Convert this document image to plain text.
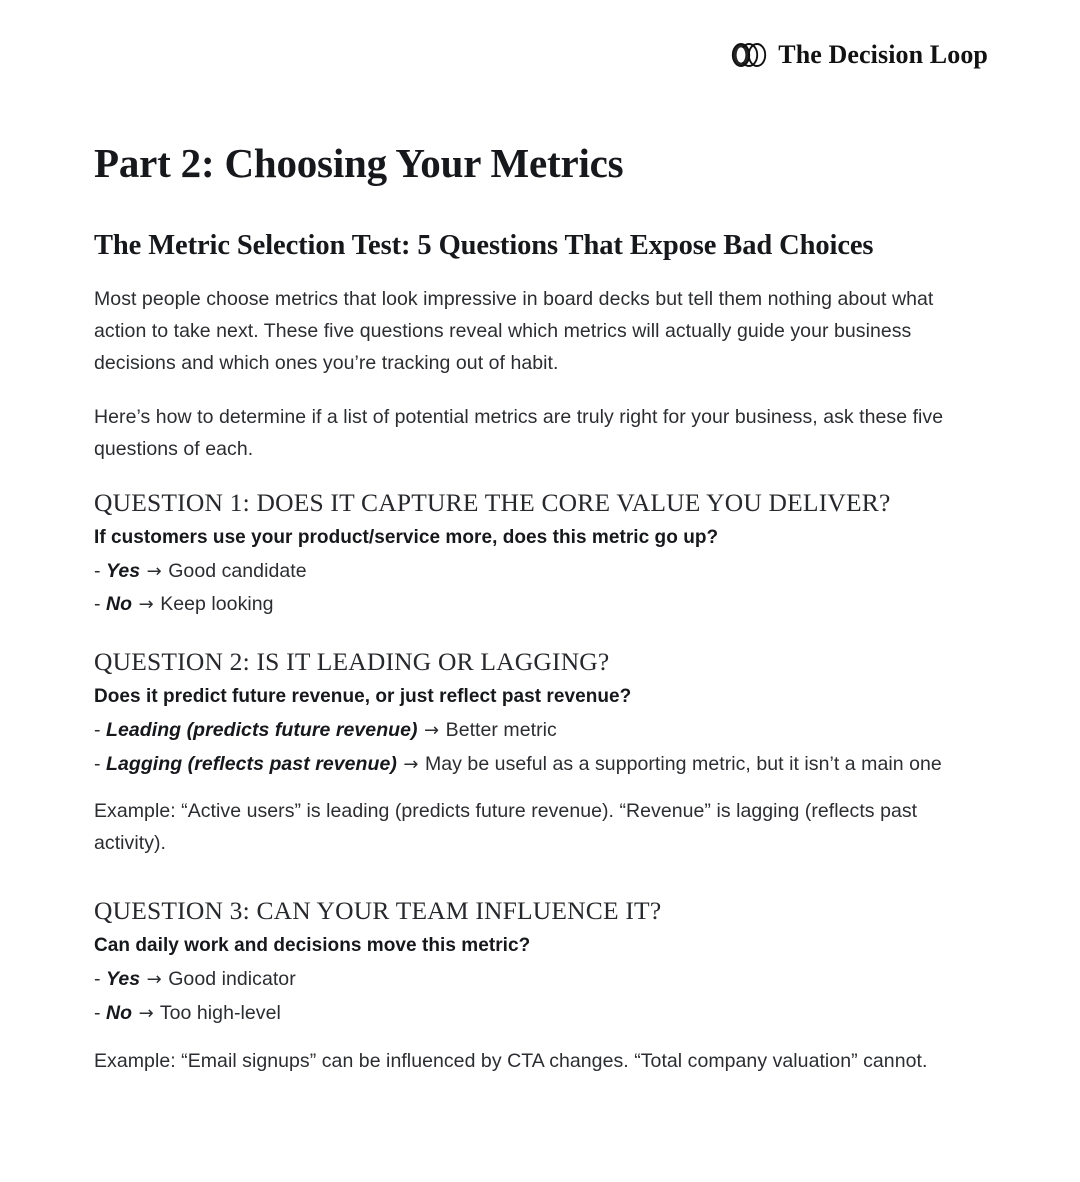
The Decision Loop
Part 2: Choosing Your Metrics
The Metric Selection Test: 5 Questions That Expose Bad Choices

Most people choose metrics that look impressive in board decks but tell them nothing about what action to take next. These five questions reveal which metrics will actually guide your business decisions and which ones you’re tracking out of habit.

Here’s how to determine if a list of potential metrics are truly right for your business, ask these five questions of each.

QUESTION 1: DOES IT CAPTURE THE CORE VALUE YOU DELIVER?

If customers use your product/service more, does this metric go up?

- Yes → Good candidate
- No → Keep looking
QUESTION 2: IS IT LEADING OR LAGGING?

Does it predict future revenue, or just reflect past revenue?

- Leading (predicts future revenue) → Better metric
- Lagging (reflects past revenue) → May be useful as a supporting metric, but it isn’t a main one

Example: “Active users” is leading (predicts future revenue). “Revenue” is lagging (reflects past activity).

QUESTION 3: CAN YOUR TEAM INFLUENCE IT?

Can daily work and decisions move this metric?

- Yes → Good indicator
- No → Too high-level

Example: “Email signups” can be influenced by CTA changes. “Total company valuation” cannot.
